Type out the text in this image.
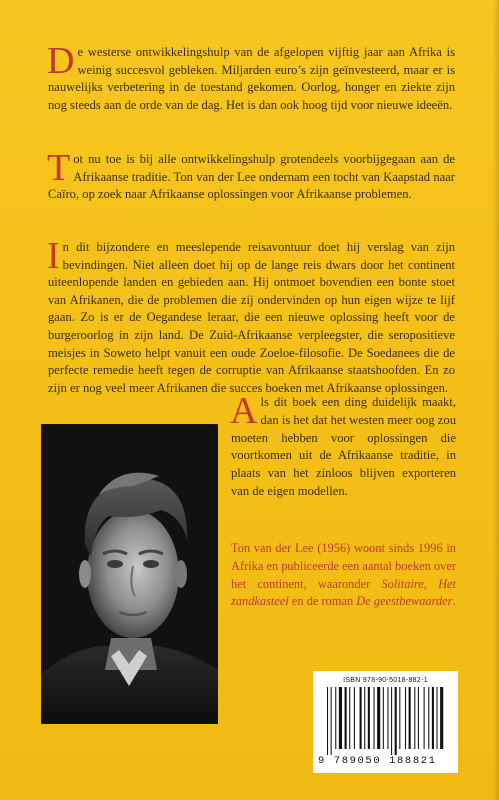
De westerse ontwikkelingshulp van de afgelopen vijftig jaar aan Afrika is weinig succesvol gebleken. Miljarden euro’s zijn geïnvesteerd, maar er is nauwelijks verbetering in de toestand gekomen. Oorlog, honger en ziekte zijn nog steeds aan de orde van de dag. Het is dan ook hoog tijd voor nieuwe ideeën.

Tot nu toe is bij alle ontwikkelingshulp grotendeels voorbijgegaan aan de Afrikaanse traditie. Ton van der Lee ondernam een tocht van Kaapstad naar Caïro, op zoek naar Afrikaanse oplossingen voor Afrikaanse problemen.

In dit bijzondere en meeslepende reisavontuur doet hij verslag van zijn bevindingen. Niet alleen doet hij op de lange reis dwars door het continent uiteenlopende landen en gebieden aan. Hij ontmoet bovendien een bonte stoet van Afrikanen, die de problemen die zij ondervinden op hun eigen wijze te lijf gaan. Zo is er de Oegandese leraar, die een nieuwe oplossing heeft voor de burgeroorlog in zijn land. De Zuid-Afrikaanse verpleegster, die seropositieve meisjes in Soweto helpt vanuit een oude Zoeloe-filosofie. De Soedanees die de perfecte remedie heeft tegen de corruptie van Afrikaanse staatshoofden. En zo zijn er nog veel meer Afrikanen die succes boeken met Afrikaanse oplossingen.

Als dit boek een ding duidelijk maakt, dan is het dat het westen meer oog zou moeten hebben voor oplossingen die voortkomen uit de Afrikaanse traditie, in plaats van het zinloos blijven exporteren van de eigen modellen.

Ton van der Lee (1956) woont sinds 1996 in Afrika en publiceerde een aantal boeken over het continent, waaronder Solitaire, Het zandkasteel en de roman De geestbewaarder.

ISBN 978-90-5018-882-1
9 789050 188821
